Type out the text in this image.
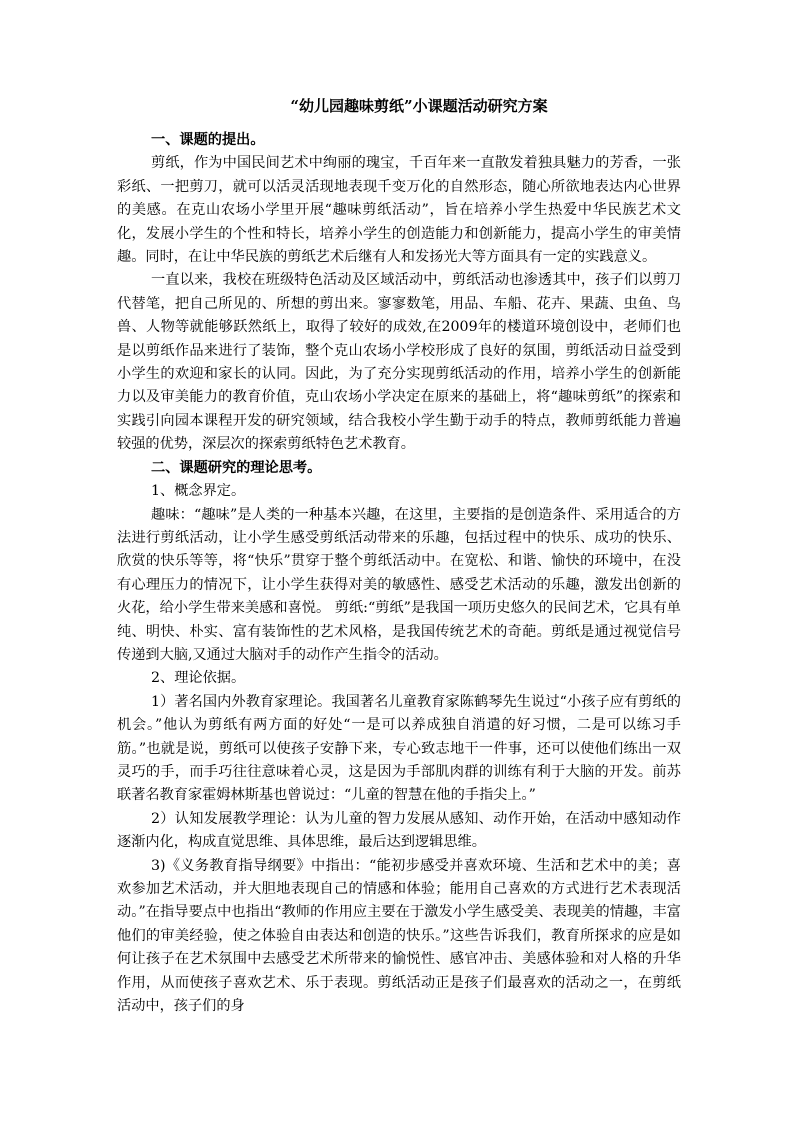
“幼儿园趣味剪纸”小课题活动研究方案

一、课题的提出。

剪纸，作为中国民间艺术中绚丽的瑰宝，千百年来一直散发着独具魅力的芳香，一张彩纸、一把剪刀，就可以活灵活现地表现千变万化的自然形态，随心所欲地表达内心世界的美感。在克山农场小学里开展“趣味剪纸活动”，旨在培养小学生热爱中华民族艺术文化，发展小学生的个性和特长，培养小学生的创造能力和创新能力，提高小学生的审美情趣。同时，在让中华民族的剪纸艺术后继有人和发扬光大等方面具有一定的实践意义。

一直以来，我校在班级特色活动及区域活动中，剪纸活动也渗透其中，孩子们以剪刀代替笔，把自己所见的、所想的剪出来。寥寥数笔，用品、车船、花卉、果蔬、虫鱼、鸟兽、人物等就能够跃然纸上，取得了较好的成效,在2009年的楼道环境创设中，老师们也是以剪纸作品来进行了装饰，整个克山农场小学校形成了良好的氛围，剪纸活动日益受到小学生的欢迎和家长的认同。因此，为了充分实现剪纸活动的作用，培养小学生的创新能力以及审美能力的教育价值，克山农场小学决定在原来的基础上，将“趣味剪纸”的探索和实践引向园本课程开发的研究领域，结合我校小学生勤于动手的特点，教师剪纸能力普遍较强的优势，深层次的探索剪纸特色艺术教育。

二、课题研究的理论思考。

1、概念界定。

趣味：“趣味”是人类的一种基本兴趣，在这里，主要指的是创造条件、采用适合的方法进行剪纸活动，让小学生感受剪纸活动带来的乐趣，包括过程中的快乐、成功的快乐、欣赏的快乐等等，将“快乐”贯穿于整个剪纸活动中。在宽松、和谐、愉快的环境中，在没有心理压力的情况下，让小学生获得对美的敏感性、感受艺术活动的乐趣，激发出创新的火花，给小学生带来美感和喜悦。 剪纸:“剪纸”是我国一项历史悠久的民间艺术，它具有单纯、明快、朴实、富有装饰性的艺术风格，是我国传统艺术的奇葩。剪纸是通过视觉信号传递到大脑,又通过大脑对手的动作产生指令的活动。

2、理论依据。

1）著名国内外教育家理论。我国著名儿童教育家陈鹤琴先生说过“小孩子应有剪纸的机会。”他认为剪纸有两方面的好处“一是可以养成独自消遣的好习惯，二是可以练习手筋。”也就是说，剪纸可以使孩子安静下来，专心致志地干一件事，还可以使他们练出一双灵巧的手，而手巧往往意味着心灵，这是因为手部肌肉群的训练有利于大脑的开发。前苏联著名教育家霍姆林斯基也曾说过：“儿童的智慧在他的手指尖上。”

2）认知发展教学理论：认为儿童的智力发展从感知、动作开始，在活动中感知动作逐渐内化，构成直觉思维、具体思维，最后达到逻辑思维。

3)《义务教育指导纲要》中指出：“能初步感受并喜欢环境、生活和艺术中的美；喜欢参加艺术活动，并大胆地表现自己的情感和体验；能用自己喜欢的方式进行艺术表现活动。”在指导要点中也指出“教师的作用应主要在于激发小学生感受美、表现美的情趣，丰富他们的审美经验，使之体验自由表达和创造的快乐。”这些告诉我们，教育所探求的应是如何让孩子在艺术氛围中去感受艺术所带来的愉悦性、感官冲击、美感体验和对人格的升华作用，从而使孩子喜欢艺术、乐于表现。剪纸活动正是孩子们最喜欢的活动之一，在剪纸活动中，孩子们的身
